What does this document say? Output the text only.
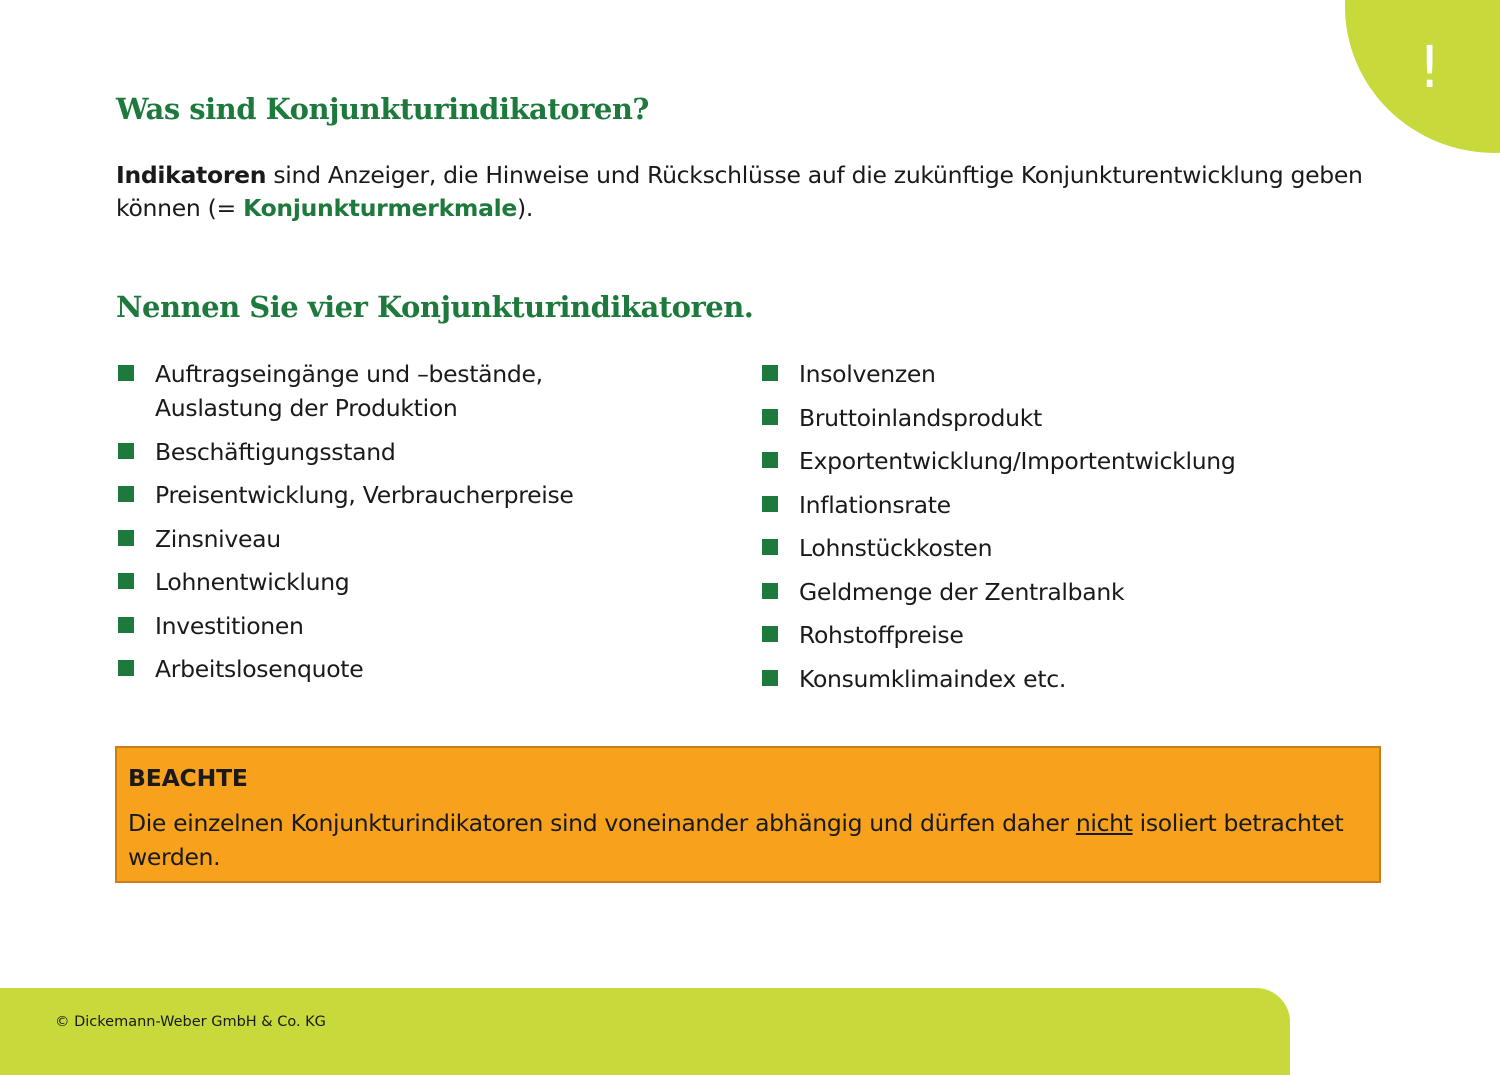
!
Was sind Konjunkturindikatoren?

Indikatoren sind Anzeiger, die Hinweise und Rückschlüsse auf die zukünftige Konjunkturentwicklung geben können (= Konjunkturmerkmale).

Nennen Sie vier Konjunkturindikatoren.
Auftragseingänge und –bestände,
Auslastung der Produktion
Beschäftigungsstand
Preisentwicklung, Verbraucherpreise
Zinsniveau
Lohnentwicklung
Investitionen
Arbeitslosenquote
Insolvenzen
Bruttoinlandsprodukt
Exportentwicklung/Importentwicklung
Inflationsrate
Lohnstückkosten
Geldmenge der Zentralbank
Rohstoffpreise
Konsumklimaindex etc.

BEACHTE

Die einzelnen Konjunkturindikatoren sind voneinander abhängig und dürfen daher nicht isoliert betrachtet werden.

© Dickemann-Weber GmbH & Co. KG
